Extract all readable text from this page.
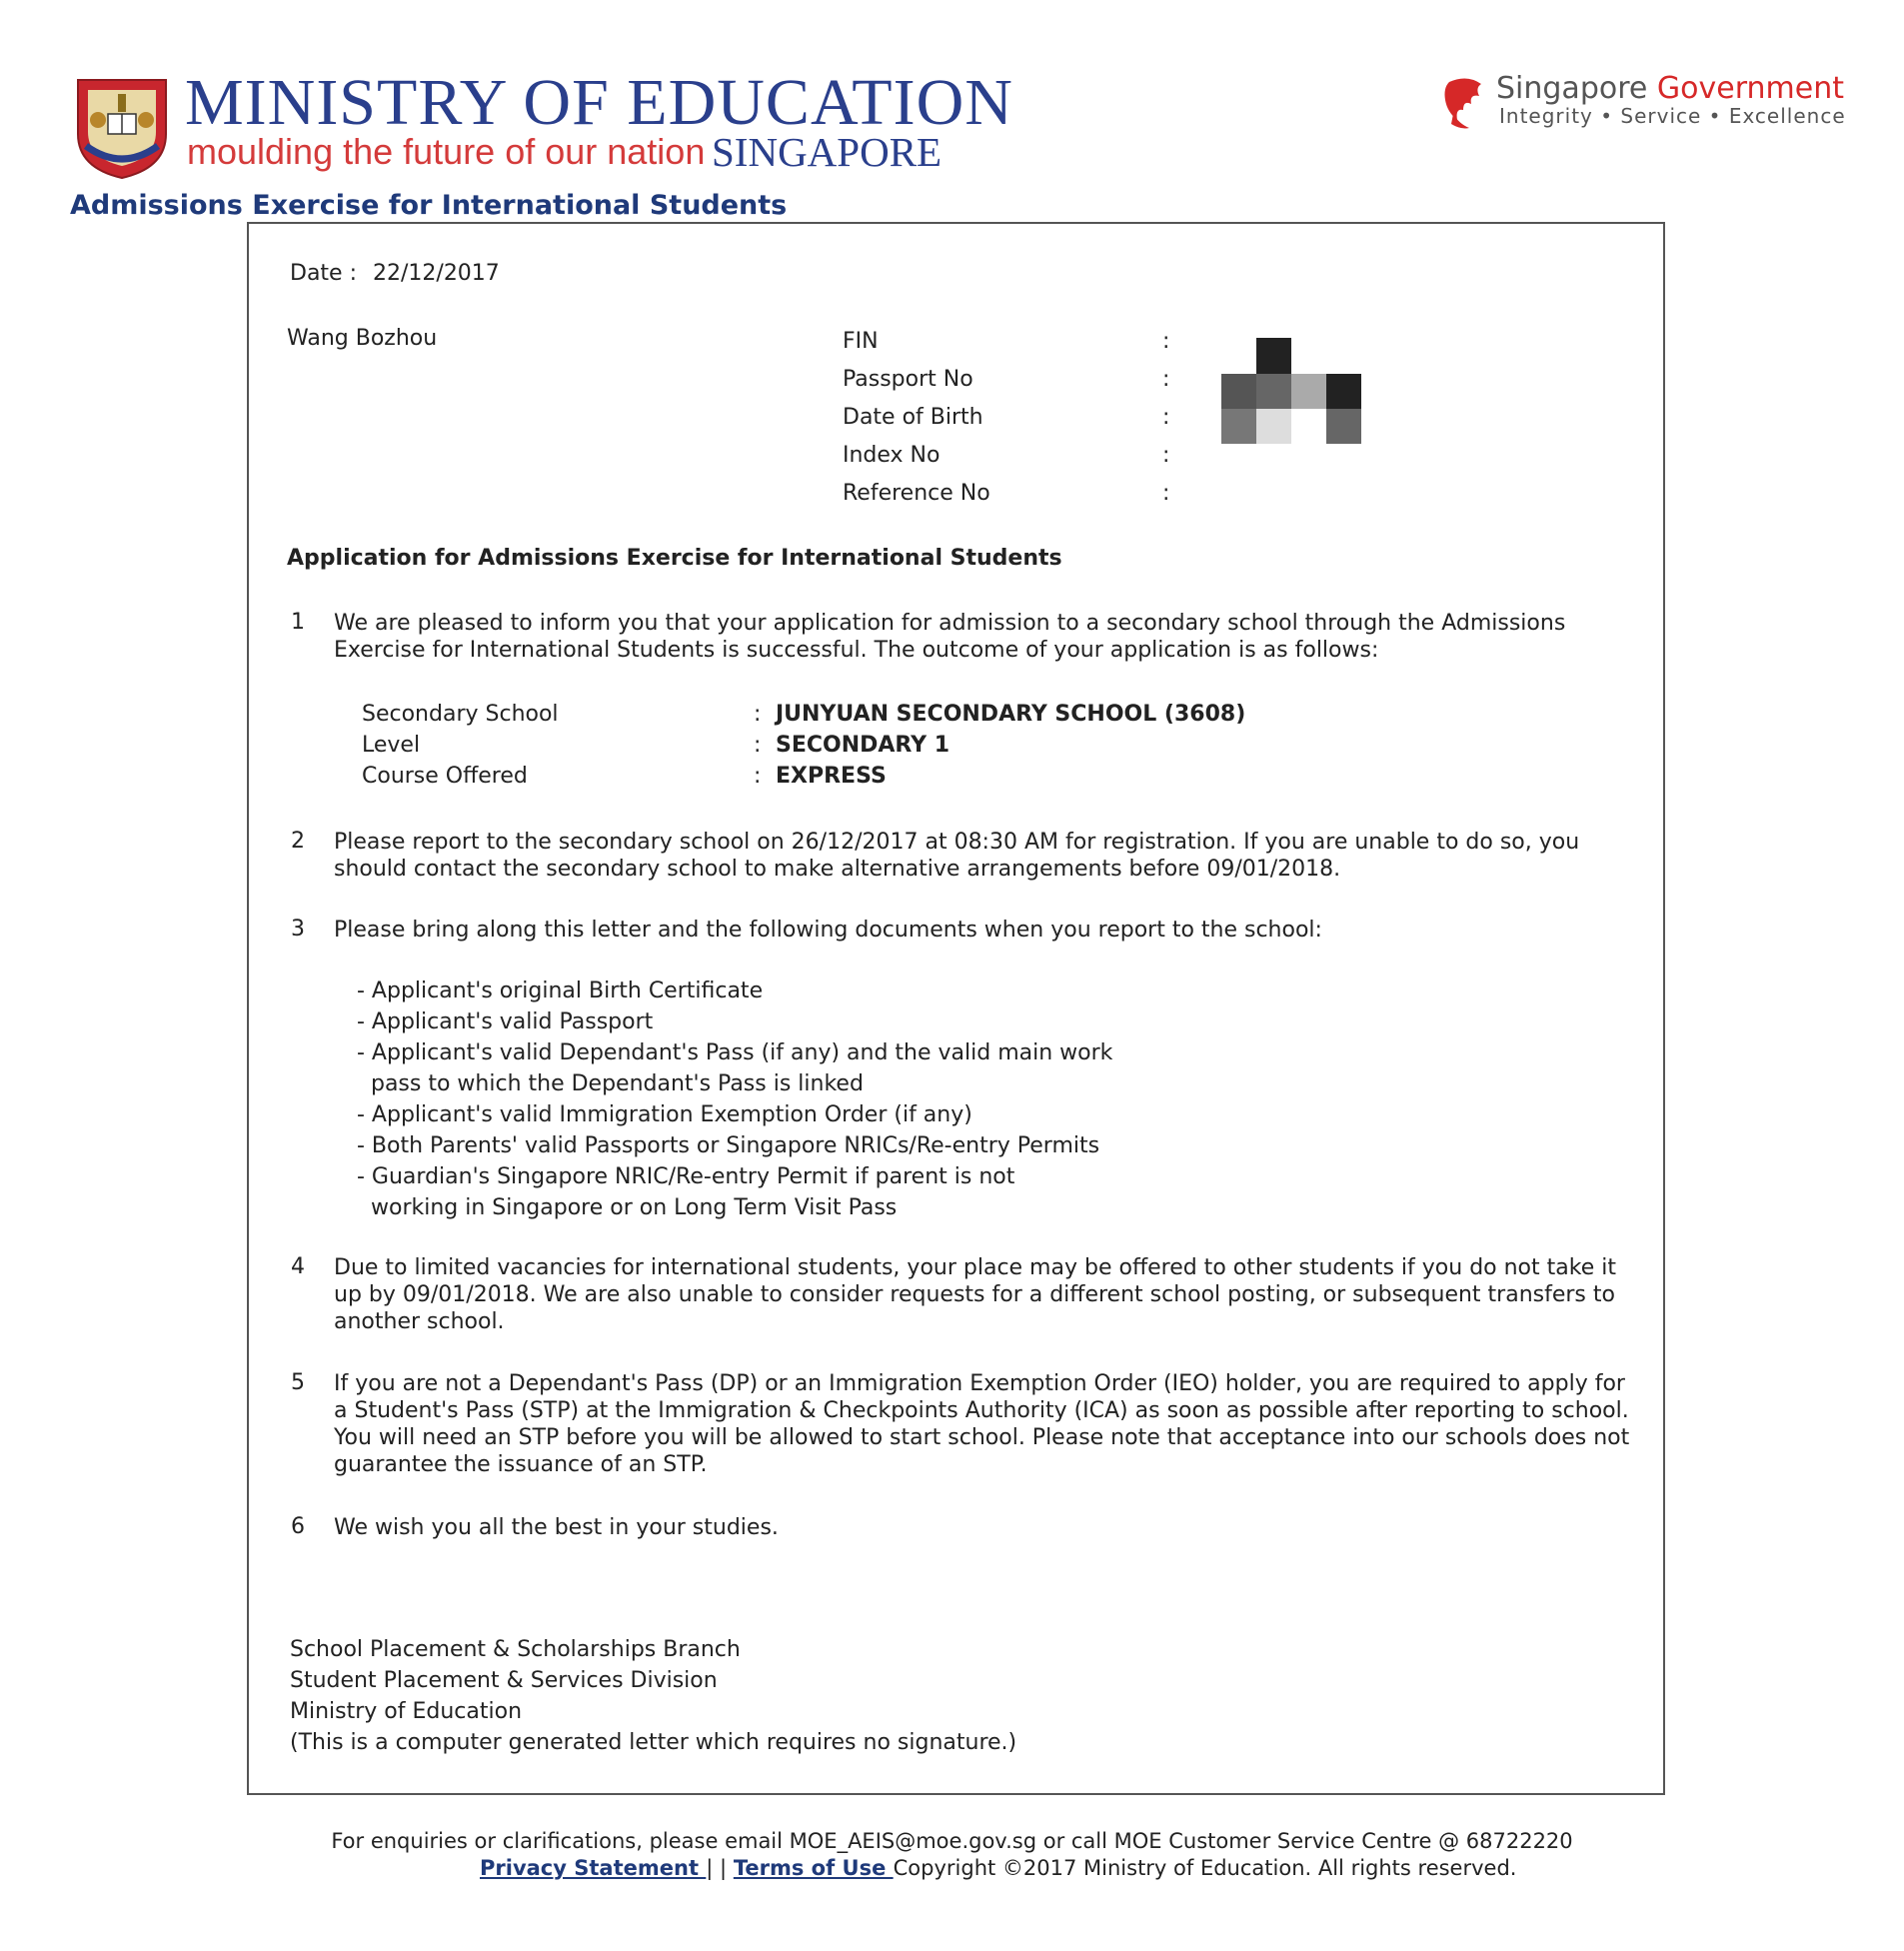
MINISTRY OF EDUCATION
moulding the future of our nation SINGAPORE
Singapore Government
Integrity • Service • Excellence
Admissions Exercise for International Students
Date : 22/12/2017
Wang Bozhou	FIN	:
Passport No	:
Date of Birth	:
Index No	:
Reference No	:
Application for Admissions Exercise for International Students
1 We are pleased to inform you that your application for admission to a secondary school through the Admissions
Exercise for International Students is successful. The outcome of your application is as follows:
Secondary School	: JUNYUAN SECONDARY SCHOOL (3608)
Level	: SECONDARY 1
Course Offered	: EXPRESS
2 Please report to the secondary school on 26/12/2017 at 08:30 AM for registration. If you are unable to do so, you
should contact the secondary school to make alternative arrangements before 09/01/2018.
3 Please bring along this letter and the following documents when you report to the school:
- Applicant's original Birth Certificate
- Applicant's valid Passport
- Applicant's valid Dependant's Pass (if any) and the valid main work
pass to which the Dependant's Pass is linked
- Applicant's valid Immigration Exemption Order (if any)
- Both Parents' valid Passports or Singapore NRICs/Re-entry Permits
- Guardian's Singapore NRIC/Re-entry Permit if parent is not
working in Singapore or on Long Term Visit Pass
4 Due to limited vacancies for international students, your place may be offered to other students if you do not take it
up by 09/01/2018. We are also unable to consider requests for a different school posting, or subsequent transfers to
another school.
5 If you are not a Dependant's Pass (DP) or an Immigration Exemption Order (IEO) holder, you are required to apply for
a Student's Pass (STP) at the Immigration & Checkpoints Authority (ICA) as soon as possible after reporting to school.
You will need an STP before you will be allowed to start school. Please note that acceptance into our schools does not
guarantee the issuance of an STP.
6 We wish you all the best in your studies.
School Placement & Scholarships Branch
Student Placement & Services Division
Ministry of Education
(This is a computer generated letter which requires no signature.)
For enquiries or clarifications, please email MOE_AEIS@moe.gov.sg or call MOE Customer Service Centre @ 68722220
Privacy Statement | | Terms of Use Copyright ©2017 Ministry of Education. All rights reserved.
